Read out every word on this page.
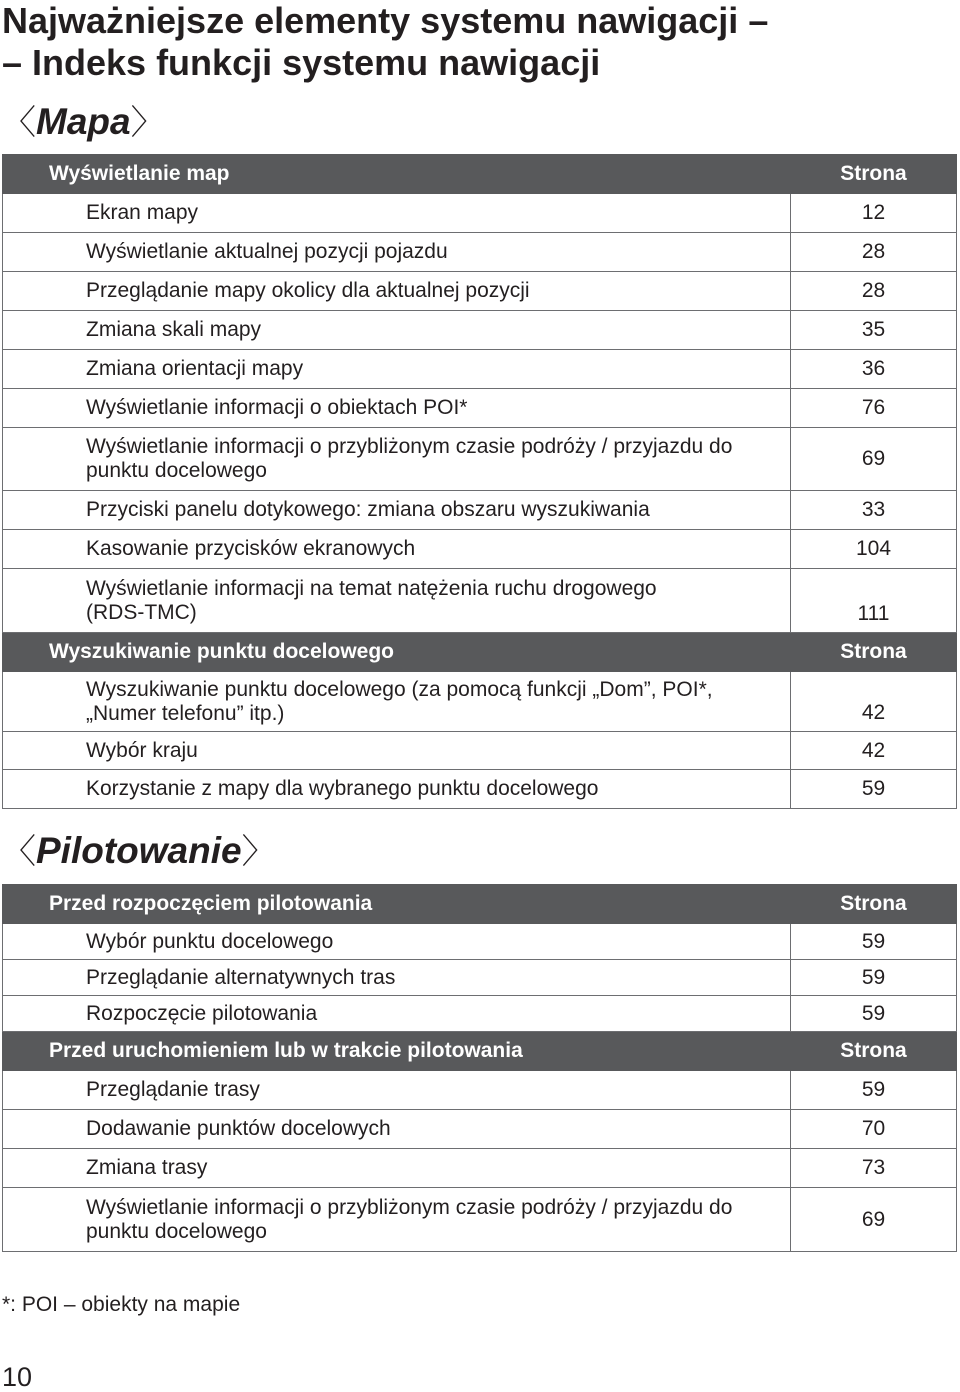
Najważniejsze elementy systemu nawigacji –
– Indeks funkcji systemu nawigacji
〈Mapa〉
Wyświetlanie map	Strona
Ekran mapy	12
Wyświetlanie aktualnej pozycji pojazdu	28
Przeglądanie mapy okolicy dla aktualnej pozycji	28
Zmiana skali mapy	35
Zmiana orientacji mapy	36
Wyświetlanie informacji o obiektach POI*	76
Wyświetlanie informacji o przybliżonym czasie podróży / przyjazdu do punktu docelowego	69
Przyciski panelu dotykowego: zmiana obszaru wyszukiwania	33
Kasowanie przycisków ekranowych	104
Wyświetlanie informacji na temat natężenia ruchu drogowego (RDS-TMC)	111
Wyszukiwanie punktu docelowego	Strona
Wyszukiwanie punktu docelowego (za pomocą funkcji „Dom”, POI*, „Numer telefonu” itp.)	42
Wybór kraju	42
Korzystanie z mapy dla wybranego punktu docelowego	59
〈Pilotowanie〉
Przed rozpoczęciem pilotowania	Strona
Wybór punktu docelowego	59
Przeglądanie alternatywnych tras	59
Rozpoczęcie pilotowania	59
Przed uruchomieniem lub w trakcie pilotowania	Strona
Przeglądanie trasy	59
Dodawanie punktów docelowych	70
Zmiana trasy	73
Wyświetlanie informacji o przybliżonym czasie podróży / przyjazdu do punktu docelowego	69
*: POI – obiekty na mapie
10
